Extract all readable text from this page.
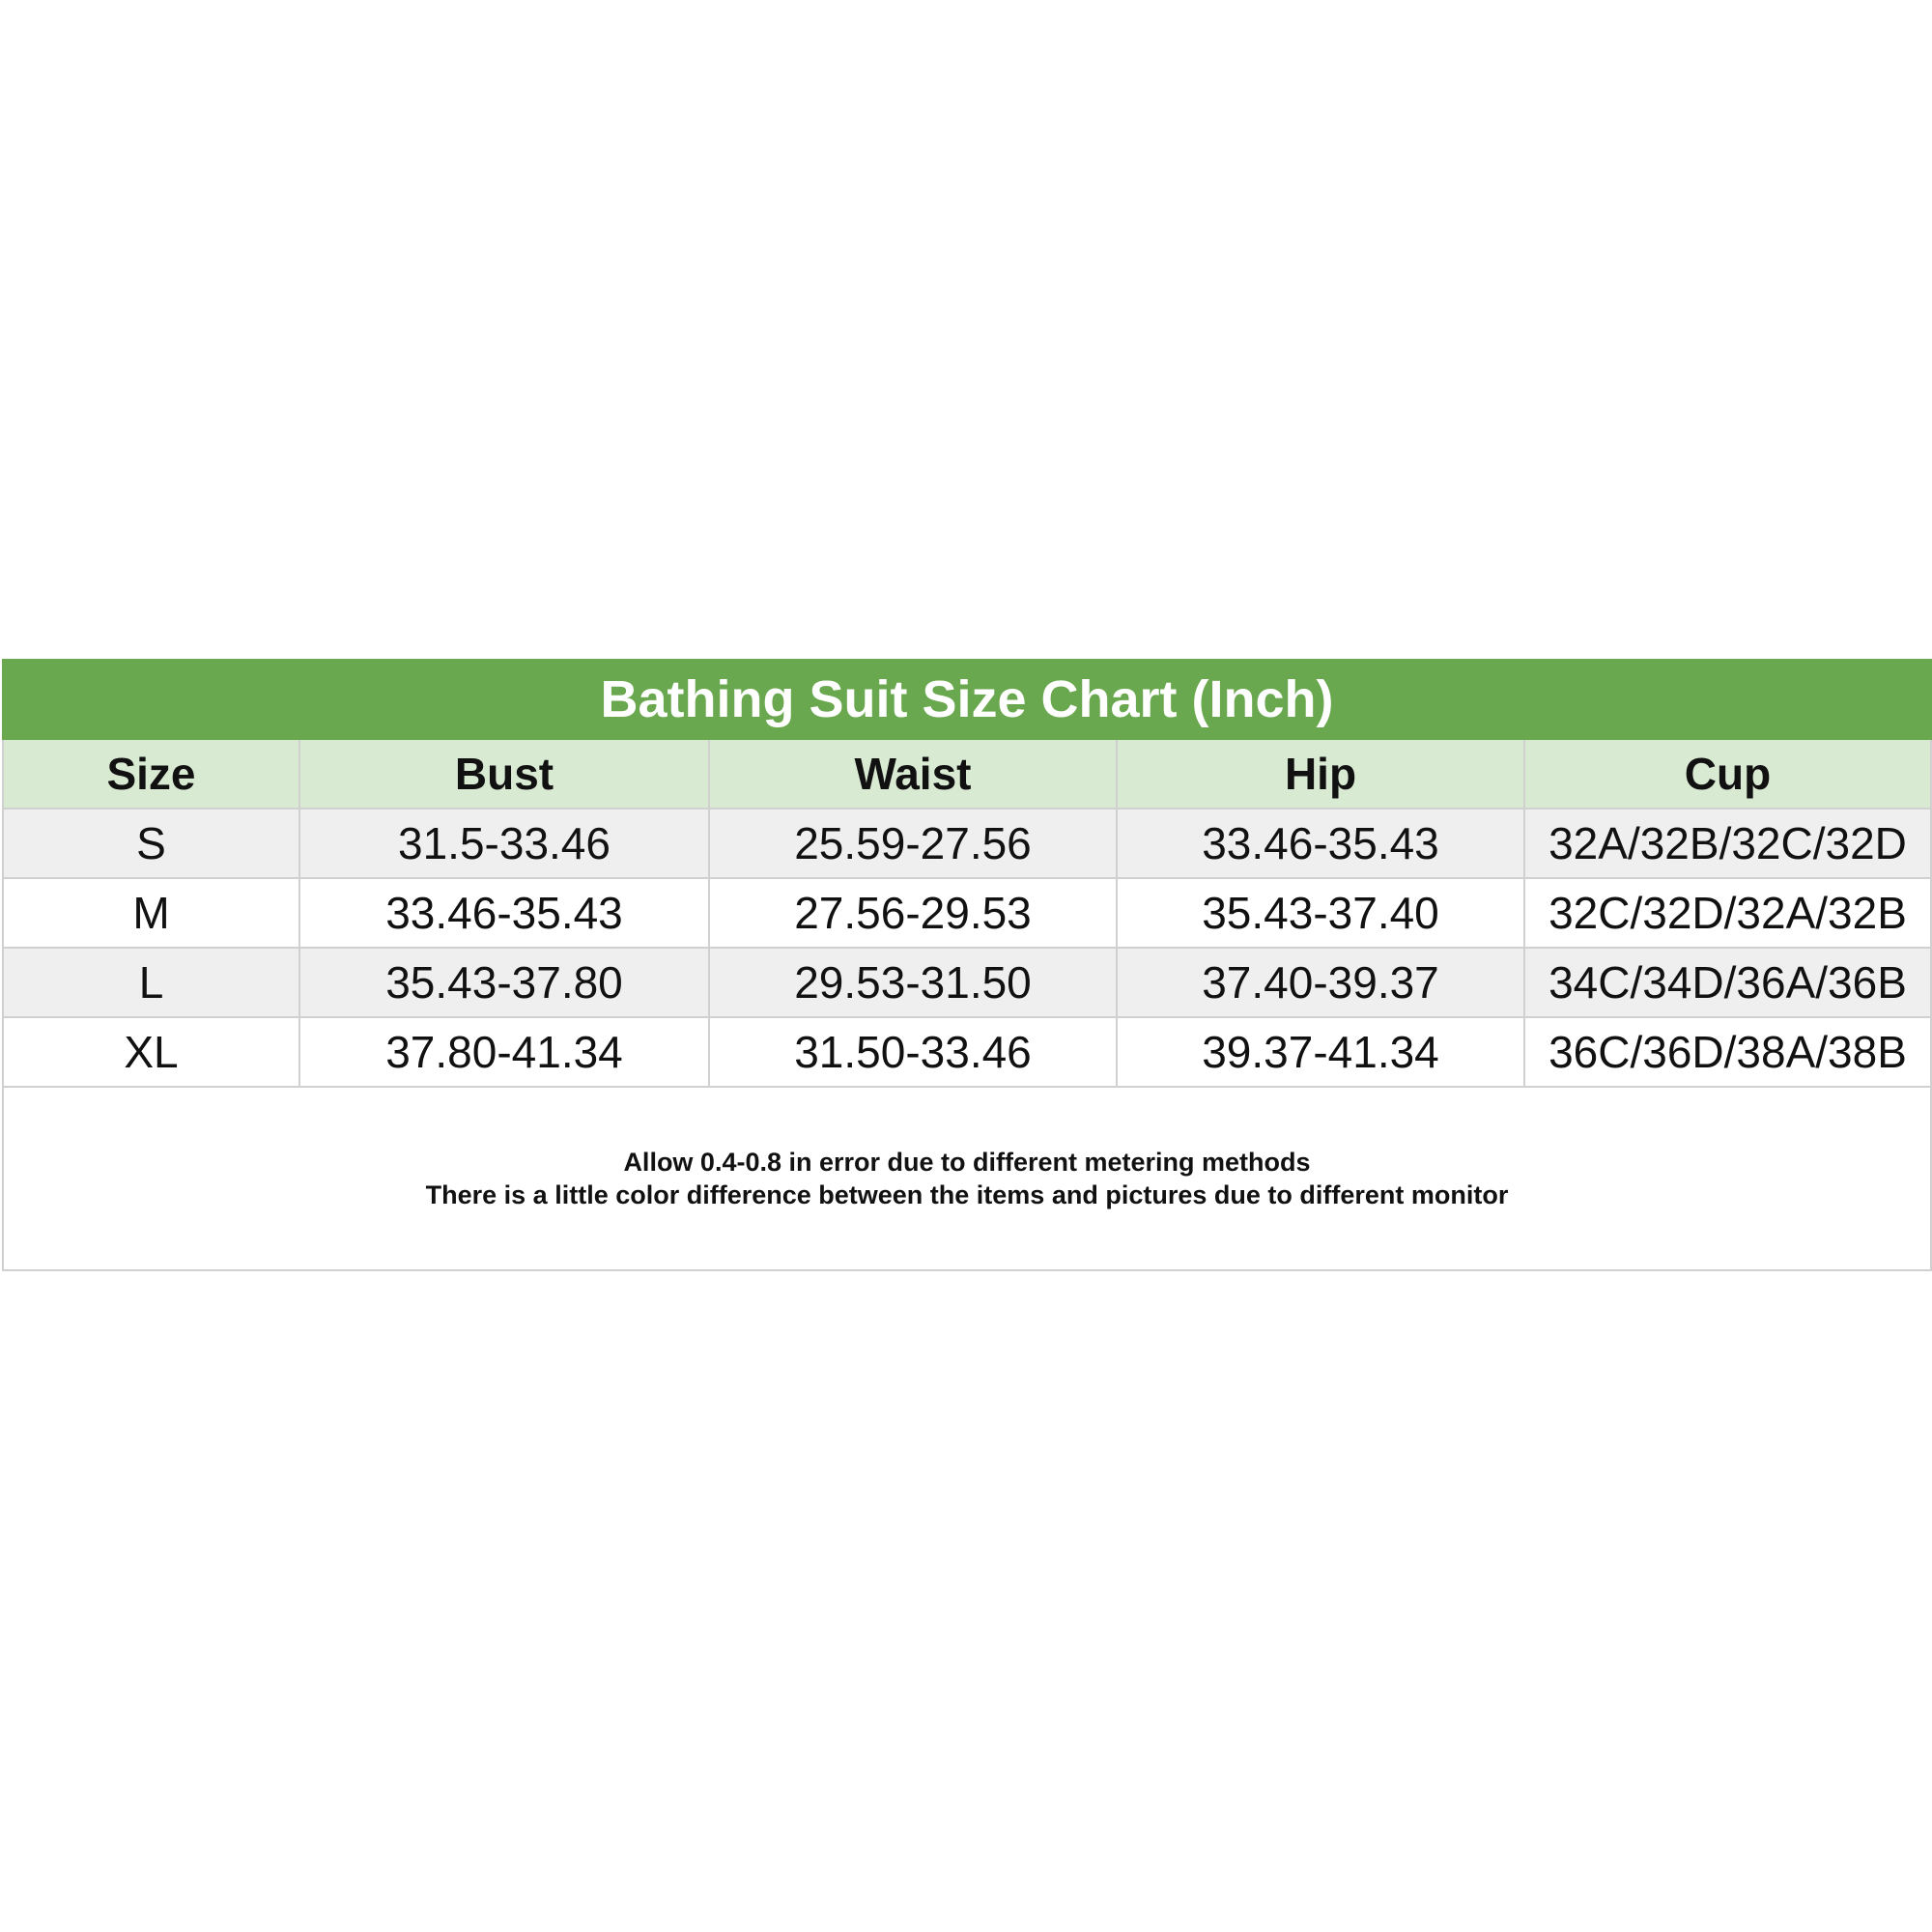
Bathing Suit Size Chart (Inch)				
Size	Bust	Waist	Hip	Cup
S	31.5-33.46	25.59-27.56	33.46-35.43	32A/32B/32C/32D
M	33.46-35.43	27.56-29.53	35.43-37.40	32C/32D/32A/32B
L	35.43-37.80	29.53-31.50	37.40-39.37	34C/34D/36A/36B
XL	37.80-41.34	31.50-33.46	39.37-41.34	36C/36D/38A/38B

Allow 0.4-0.8 in error due to different metering methods
There is a little color difference between the items and pictures due to different monitor				
